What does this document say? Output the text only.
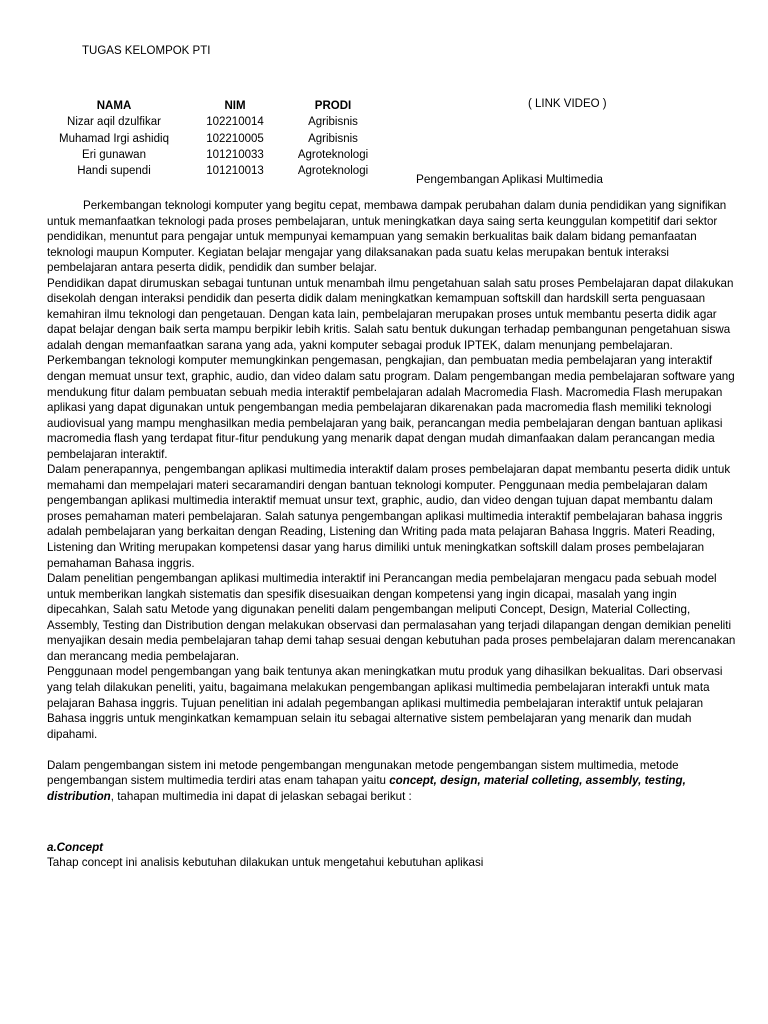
TUGAS KELOMPOK PTI
NAMA	NIM	PRODI
Nizar aqil dzulfikar	102210014	Agribisnis
Muhamad Irgi ashidiq	102210005	Agribisnis
Eri gunawan	101210033	Agroteknologi
Handi supendi	101210013	Agroteknologi
( LINK VIDEO )
Pengembangan Aplikasi Multimedia

Perkembangan teknologi komputer yang begitu cepat, membawa dampak perubahan dalam dunia pendidikan yang signifikan untuk memanfaatkan teknologi pada proses pembelajaran, untuk meningkatkan daya saing serta keunggulan kompetitif dari sektor pendidikan, menuntut para pengajar untuk mempunyai kemampuan yang semakin berkualitas baik dalam bidang pemanfaatan teknologi maupun Komputer. Kegiatan belajar mengajar yang dilaksanakan pada suatu kelas merupakan bentuk interaksi pembelajaran antara peserta didik, pendidik dan sumber belajar.

Pendidikan dapat dirumuskan sebagai tuntunan untuk menambah ilmu pengetahuan salah satu proses Pembelajaran dapat dilakukan disekolah dengan interaksi pendidik dan peserta didik dalam meningkatkan kemampuan softskill dan hardskill serta penguasaan kemahiran ilmu teknologi dan pengetauan. Dengan kata lain, pembelajaran merupakan proses untuk membantu peserta didik agar dapat belajar dengan baik serta mampu berpikir lebih kritis. Salah satu bentuk dukungan terhadap pembangunan pengetahuan siswa adalah dengan memanfaatkan sarana yang ada, yakni komputer sebagai produk IPTEK, dalam menunjang pembelajaran.

Perkembangan teknologi komputer memungkinkan pengemasan, pengkajian, dan pembuatan media pembelajaran yang interaktif dengan memuat unsur text, graphic, audio, dan video dalam satu program. Dalam pengembangan media pembelajaran software yang mendukung fitur dalam pembuatan sebuah media interaktif pembelajaran adalah Macromedia Flash. Macromedia Flash merupakan aplikasi yang dapat digunakan untuk pengembangan media pembelajaran dikarenakan pada macromedia flash memiliki teknologi audiovisual yang mampu menghasilkan media pembelajaran yang baik, perancangan media pembelajaran dengan bantuan aplikasi macromedia flash yang terdapat fitur-fitur pendukung yang menarik dapat dengan mudah dimanfaakan dalam perancangan media pembelajaran interaktif.

Dalam penerapannya, pengembangan aplikasi multimedia interaktif dalam proses pembelajaran dapat membantu peserta didik untuk memahami dan mempelajari materi secaramandiri dengan bantuan teknologi komputer. Penggunaan media pembelajaran dalam pengembangan aplikasi multimedia interaktif memuat unsur text, graphic, audio, dan video dengan tujuan dapat membantu dalam proses pemahaman materi pembelajaran. Salah satunya pengembangan aplikasi multimedia interaktif pembelajaran bahasa inggris adalah pembelajaran yang berkaitan dengan Reading, Listening dan Writing pada mata pelajaran Bahasa Inggris. Materi Reading, Listening dan Writing merupakan kompetensi dasar yang harus dimiliki untuk meningkatkan softskill dalam proses pembelajaran pemahaman Bahasa inggris.

Dalam penelitian pengembangan aplikasi multimedia interaktif ini Perancangan media pembelajaran mengacu pada sebuah model untuk memberikan langkah sistematis dan spesifik disesuaikan dengan kompetensi yang ingin dicapai, masalah yang ingin dipecahkan, Salah satu Metode yang digunakan peneliti dalam pengembangan meliputi Concept, Design, Material Collecting, Assembly, Testing dan Distribution dengan melakukan observasi dan permalasahan yang terjadi dilapangan dengan demikian peneliti menyajikan desain media pembelajaran tahap demi tahap sesuai dengan kebutuhan pada proses pembelajaran dalam merencanakan dan merancang media pembelajaran.

Penggunaan model pengembangan yang baik tentunya akan meningkatkan mutu produk yang dihasilkan bekualitas. Dari observasi yang telah dilakukan peneliti, yaitu, bagaimana melakukan pengembangan aplikasi multimedia pembelajaran interakfi untuk mata pelajaran Bahasa inggris. Tujuan penelitian ini adalah pegembangan aplikasi multimedia pembelajaran interaktif untuk pelajaran Bahasa inggris untuk menginkatkan kemampuan selain itu sebagai alternative sistem pembelajaran yang menarik dan mudah dipahami.

Dalam pengembangan sistem ini metode pengembangan mengunakan metode pengembangan sistem multimedia, metode pengembangan sistem multimedia terdiri atas enam tahapan yaitu concept, design, material colleting, assembly, testing, distribution, tahapan multimedia ini dapat di jelaskan sebagai berikut :

a.Concept

Tahap concept ini analisis kebutuhan dilakukan untuk mengetahui kebutuhan aplikasi
